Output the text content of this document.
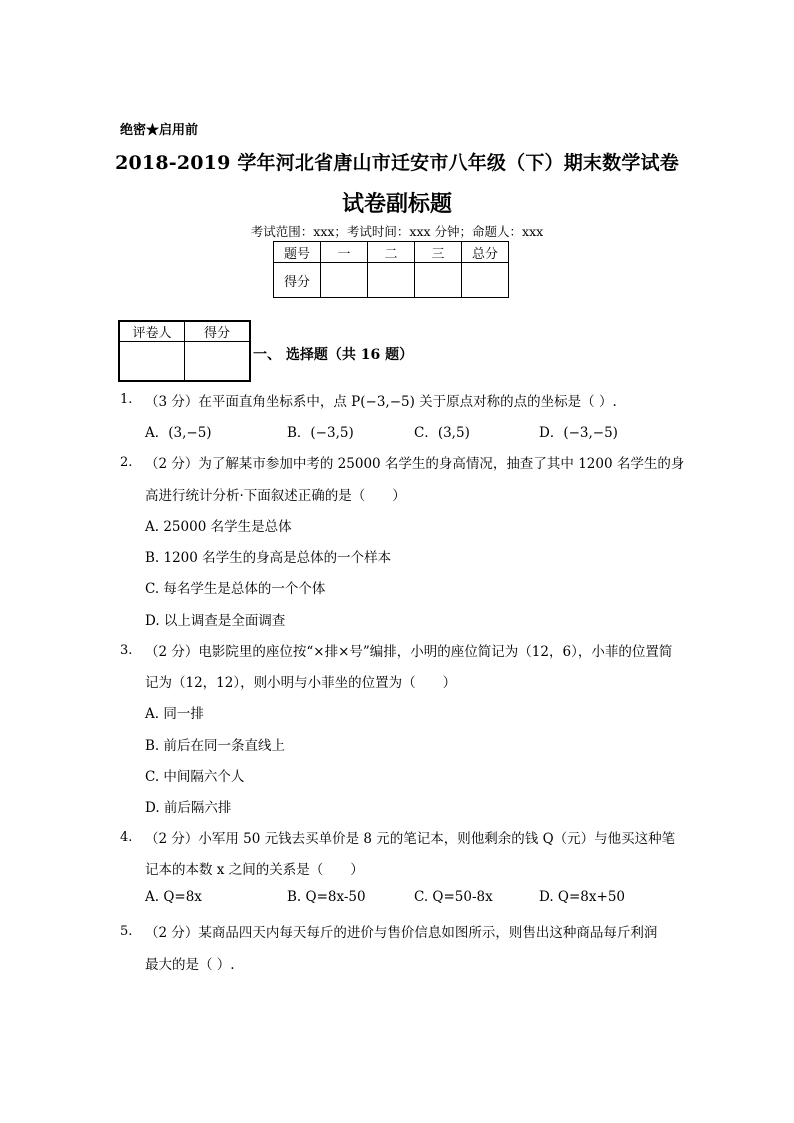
绝密★启用前
2018-2019 学年河北省唐山市迁安市八年级（下）期末数学试卷
试卷副标题
考试范围：xxx；考试时间：xxx 分钟；命题人：xxx
题号	一	二	三	总分
得分				
评卷人	得分

一、 选择题（共 16 题）
1. （3 分）在平面直角坐标系中，点 P(−3,−5) 关于原点对称的点的坐标是（ ）.
A．(3,−5)	B．(−3,5)	C．(3,5)	D．(−3,−5)
2. （2 分）为了解某市参加中考的 25000 名学生的身高情况，抽查了其中 1200 名学生的身
高进行统计分析·下面叙述正确的是（　　）
A. 25000 名学生是总体
B. 1200 名学生的身高是总体的一个样本
C. 每名学生是总体的一个个体
D. 以上调查是全面调查
3. （2 分）电影院里的座位按“×排×号”编排，小明的座位简记为（12，6），小菲的位置简
记为（12，12），则小明与小菲坐的位置为（　　）
A. 同一排
B. 前后在同一条直线上
C. 中间隔六个人
D. 前后隔六排
4. （2 分）小军用 50 元钱去买单价是 8 元的笔记本，则他剩余的钱 Q（元）与他买这种笔
记本的本数 x 之间的关系是（　　）
A. Q=8x	B. Q=8x-50	C. Q=50-8x	D. Q=8x+50
5. （2 分）某商品四天内每天每斤的进价与售价信息如图所示，则售出这种商品每斤利润
最大的是（ ）.
